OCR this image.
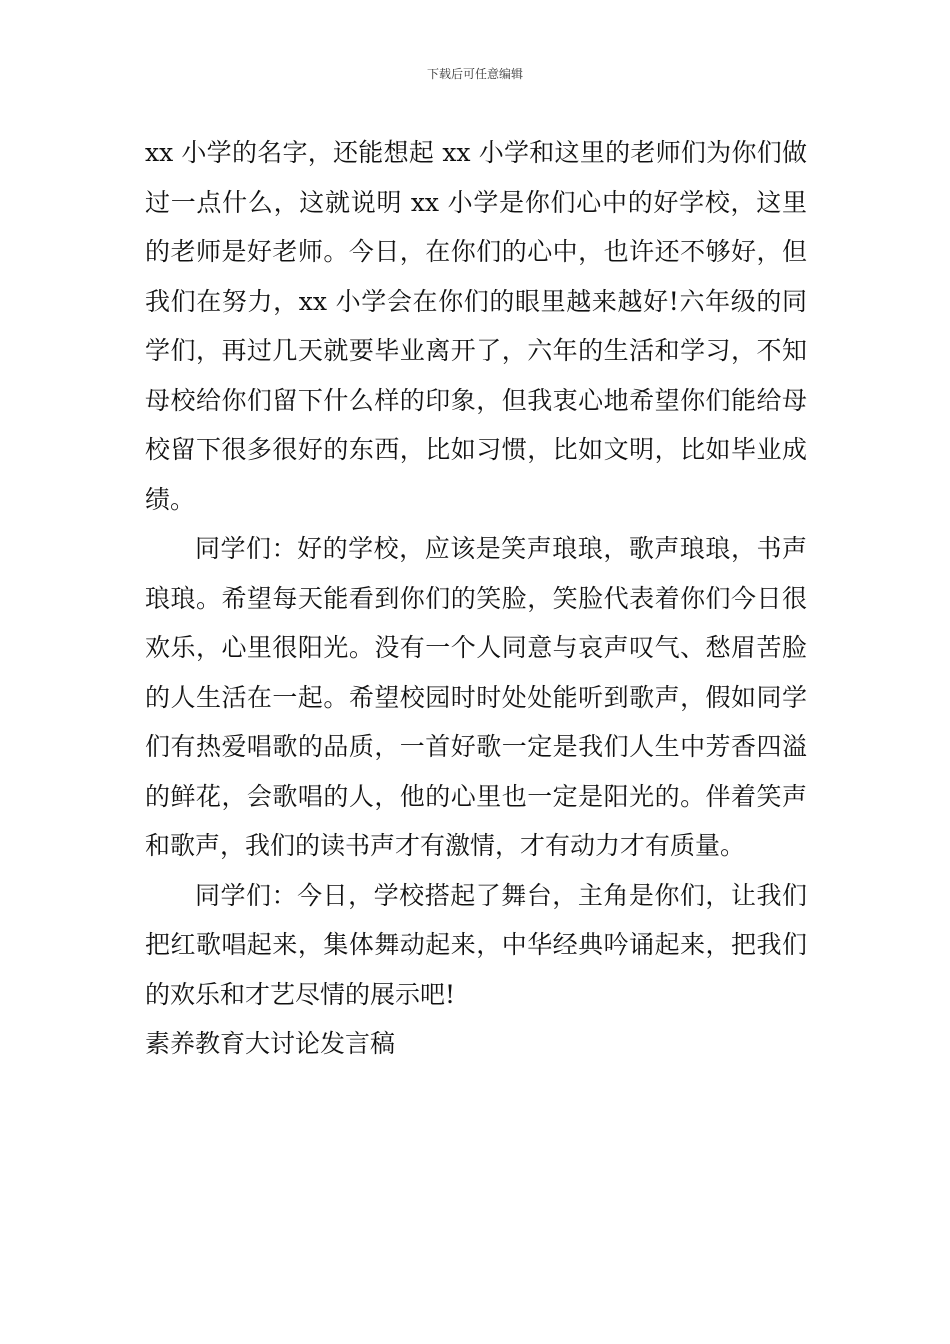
下载后可任意编辑

xx 小学的名字，还能想起 xx 小学和这里的老师们为你们做过一点什么，这就说明 xx 小学是你们心中的好学校，这里的老师是好老师。今日，在你们的心中，也许还不够好，但我们在努力，xx 小学会在你们的眼里越来越好!六年级的同学们，再过几天就要毕业离开了，六年的生活和学习，不知母校给你们留下什么样的印象，但我衷心地希望你们能给母校留下很多很好的东西，比如习惯，比如文明，比如毕业成绩。

同学们：好的学校，应该是笑声琅琅，歌声琅琅，书声琅琅。希望每天能看到你们的笑脸，笑脸代表着你们今日很欢乐，心里很阳光。没有一个人同意与哀声叹气、愁眉苦脸的人生活在一起。希望校园时时处处能听到歌声，假如同学们有热爱唱歌的品质，一首好歌一定是我们人生中芳香四溢的鲜花，会歌唱的人，他的心里也一定是阳光的。伴着笑声和歌声，我们的读书声才有激情，才有动力才有质量。

同学们：今日，学校搭起了舞台，主角是你们，让我们把红歌唱起来，集体舞动起来，中华经典吟诵起来，把我们的欢乐和才艺尽情的展示吧!

素养教育大讨论发言稿
